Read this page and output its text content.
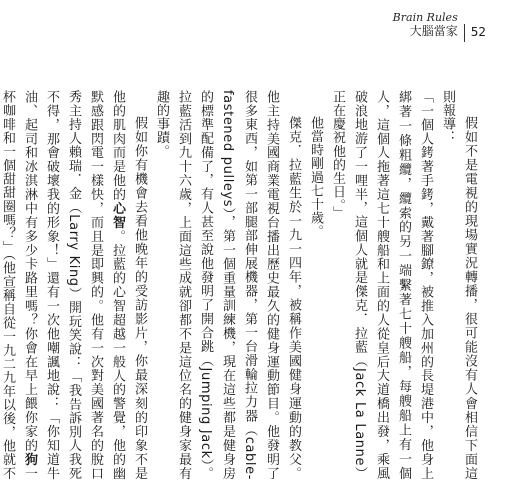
Brain Rules
大腦當家 52

假如不是電視的現場實況轉播，很可能沒有人會相信下面這則報導：

「一個人銬著手銬，戴著腳鐐，被推入加州的長堤港中，他身上綁著一條粗纜，纜索的另一端繫著七十艘船，每艘船上有一個人，這個人拖著這七十艘船和上面的人從皇后大道橋出發，乘風破浪地游了一哩半，這個人就是傑克．拉藍（Jack La Lanne）正在慶祝他的生日。」

他當時剛過七十歲。

傑克．拉藍生於一九一四年，被稱作美國健身運動的教父。他主持美國商業電視台播出歷史最久的健身運動節目。他發明了很多東西，如第一部腿部伸展機器，第一台滑輪拉力器（cable-fastened pulleys），第一個重量訓練機，現在這些都是健身房的標準配備了，有人甚至說他發明了開合跳（Jumping Jack）。拉藍活到九十六歲，上面這些成就卻都不是這位名的健身家最有趣的事蹟。

假如你有機會去看他晚年的受訪影片，你最深刻的印象不是他的肌肉而是他的心智。拉藍的心智超越一般人的警覺，他的幽默感跟閃電一樣快，而且是即興的。他有一次對美國著名的脫口秀主持人賴瑞．金（Larry King）開玩笑說：「我告訴別人我死不得，那會破壞我的形象！」還有一次他嘲諷地說：「你知道牛油、起司和冰淇淋中有多少卡路里嗎？你會在早上餵你家的狗一杯咖啡和一個甜甜圈嗎？」（他宣稱自從一九二九年以後，他就不
